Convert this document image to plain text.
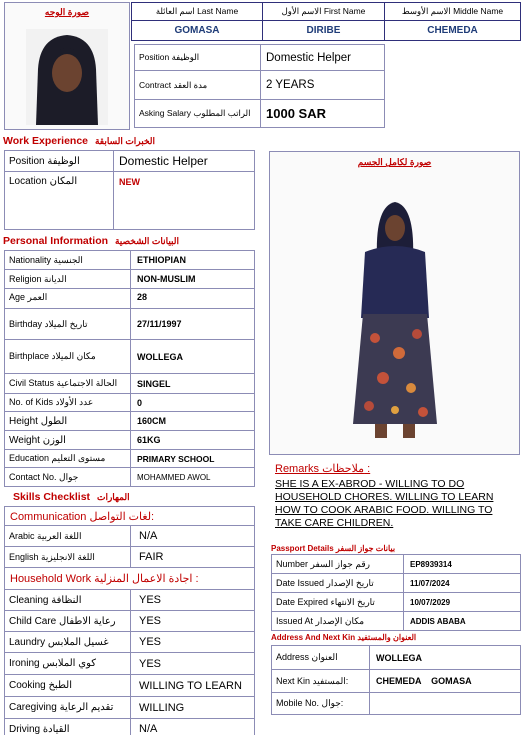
صورة الوجه	اسم العائلة Last Name	الاسم الأول First Name	الاسم الأوسط Middle Name
GOMASA	DIRIBE	CHEMEDA
Position الوظيفة	Domestic Helper
Contract مدة العقد	2 YEARS
Asking Salary الراتب المطلوب	1000 SAR
Work Experience الخبرات السابقة
Position الوظيفة	Domestic Helper
Location المكان	NEW
Personal Information البيانات الشخصية
Nationality الجنسية	ETHIOPIAN
Religion الديانة	NON-MUSLIM
Age العمر	28
Birthday تاريخ الميلاد	27/11/1997
Birthplace مكان الميلاد	WOLLEGA
Civil Status الحالة الاجتماعية	SINGEL
No. of Kids عدد الأولاد	0
Height الطول	160CM
Weight الوزن	61KG
Education مستوى التعليم	PRIMARY SCHOOL
Contact No. جوال	MOHAMMED AWOL
Skills Checklist المهارات
Communication لغات التواصل:	
Arabic اللغة العربية	N/A
English اللغة الانجليزية	FAIR
Household Work اجادة الاعمال المنزلية :	
Cleaning النظافة	YES
Child Care رعاية الاطفال	YES
Laundry غسيل الملابس	YES
Ironing كوي الملابس	YES
Cooking الطبخ	WILLING TO LEARN
Caregiving تقديم الرعاية	WILLING
Driving القيادة	N/A
صورة لكامل الجسم
Remarks ملاحظات :
SHE IS A EX-ABROD - WILLING TO DO
HOUSEHOLD CHORES. WILLING TO LEARN
HOW TO COOK ARABIC FOOD. WILLING TO
TAKE CARE CHILDREN.
Passport Details بيانات جواز السفر
Number رقم جواز السفر	EP8939314
Date Issued تاريخ الإصدار	11/07/2024
Date Expired تاريخ الانتهاء	10/07/2029
Issued At مكان الإصدار	ADDIS ABABA
Address And Next Kin العنوان والمستفيد
Address العنوان	WOLLEGA
Next Kin المستفيد:	CHEMEDA    GOMASA
Mobile No. جوال:	
